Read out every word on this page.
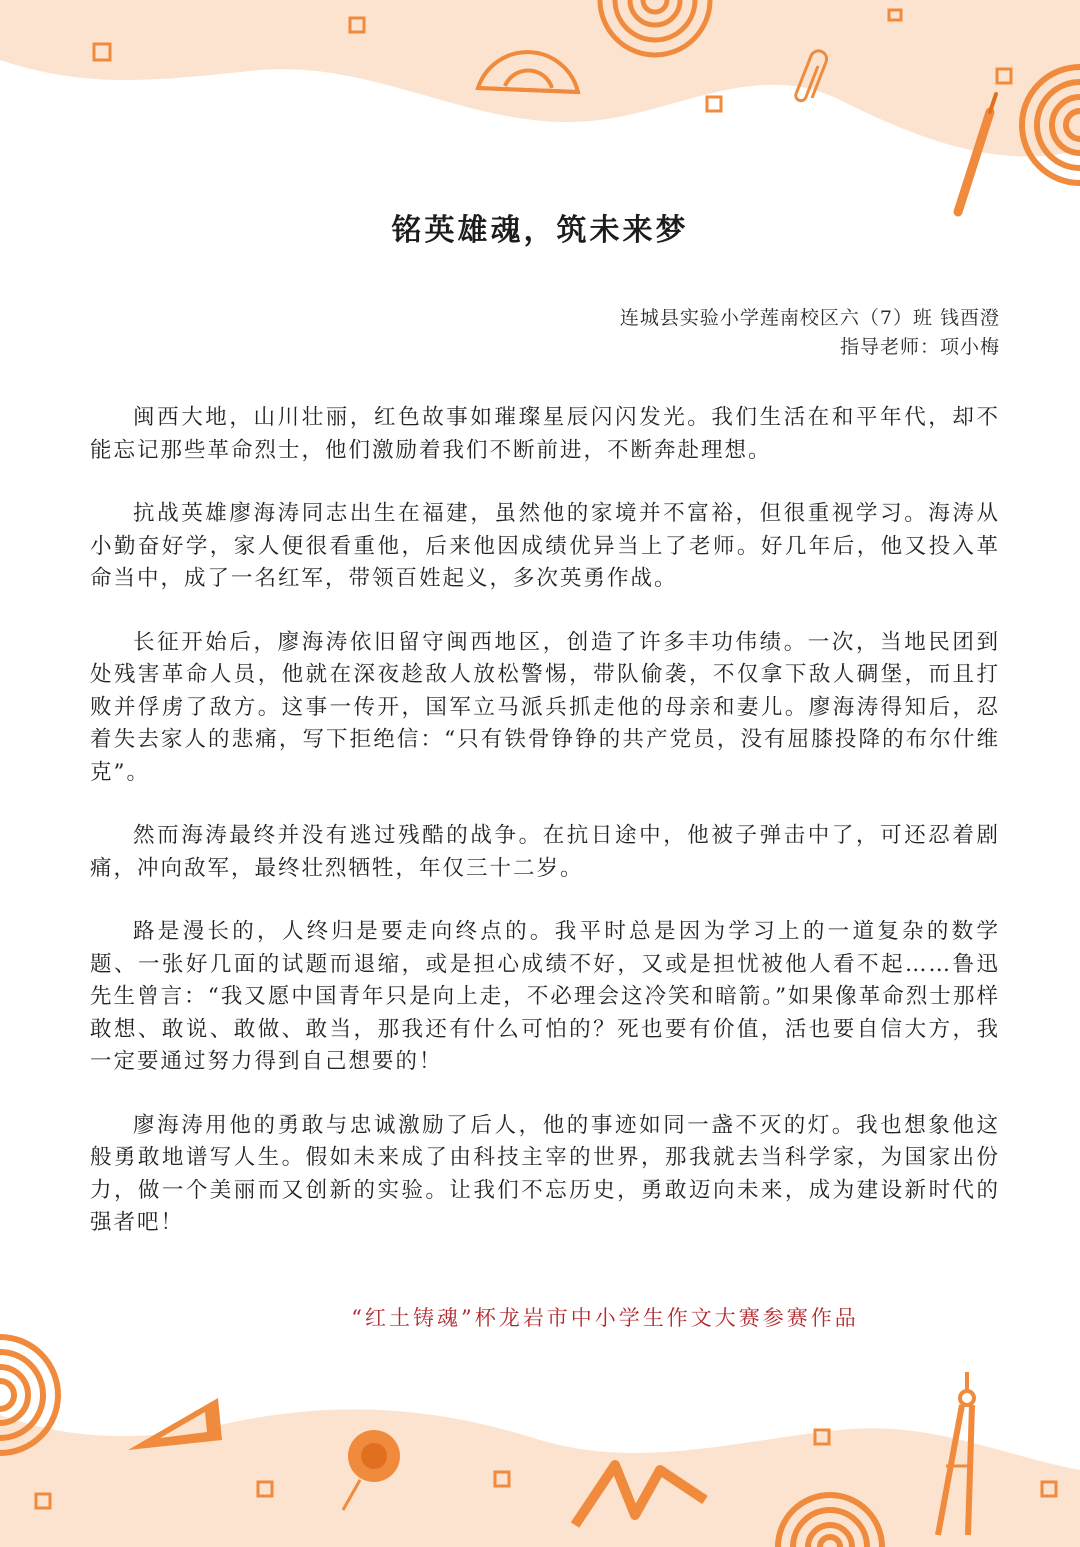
铭英雄魂，筑未来梦
连城县实验小学莲南校区六（7）班 钱酉澄
指导老师：项小梅

闽西大地，山川壮丽，红色故事如璀璨星辰闪闪发光。我们生活在和平年代，却不能忘记那些革命烈士，他们激励着我们不断前进，不断奔赴理想。

抗战英雄廖海涛同志出生在福建，虽然他的家境并不富裕，但很重视学习。海涛从小勤奋好学，家人便很看重他，后来他因成绩优异当上了老师。好几年后，他又投入革命当中，成了一名红军，带领百姓起义，多次英勇作战。

长征开始后，廖海涛依旧留守闽西地区，创造了许多丰功伟绩。一次，当地民团到处残害革命人员，他就在深夜趁敌人放松警惕，带队偷袭，不仅拿下敌人碉堡，而且打败并俘虏了敌方。这事一传开，国军立马派兵抓走他的母亲和妻儿。廖海涛得知后，忍着失去家人的悲痛，写下拒绝信：“只有铁骨铮铮的共产党员，没有屈膝投降的布尔什维克”。

然而海涛最终并没有逃过残酷的战争。在抗日途中，他被子弹击中了，可还忍着剧痛，冲向敌军，最终壮烈牺牲，年仅三十二岁。

路是漫长的，人终归是要走向终点的。我平时总是因为学习上的一道复杂的数学题、一张好几面的试题而退缩，或是担心成绩不好，又或是担忧被他人看不起……鲁迅先生曾言：“我又愿中国青年只是向上走，不必理会这冷笑和暗箭。”如果像革命烈士那样敢想、敢说、敢做、敢当，那我还有什么可怕的？死也要有价值，活也要自信大方，我一定要通过努力得到自己想要的！

廖海涛用他的勇敢与忠诚激励了后人，他的事迹如同一盏不灭的灯。我也想象他这般勇敢地谱写人生。假如未来成了由科技主宰的世界，那我就去当科学家，为国家出份力，做一个美丽而又创新的实验。让我们不忘历史，勇敢迈向未来，成为建设新时代的强者吧！

“红土铸魂”杯龙岩市中小学生作文大赛参赛作品
